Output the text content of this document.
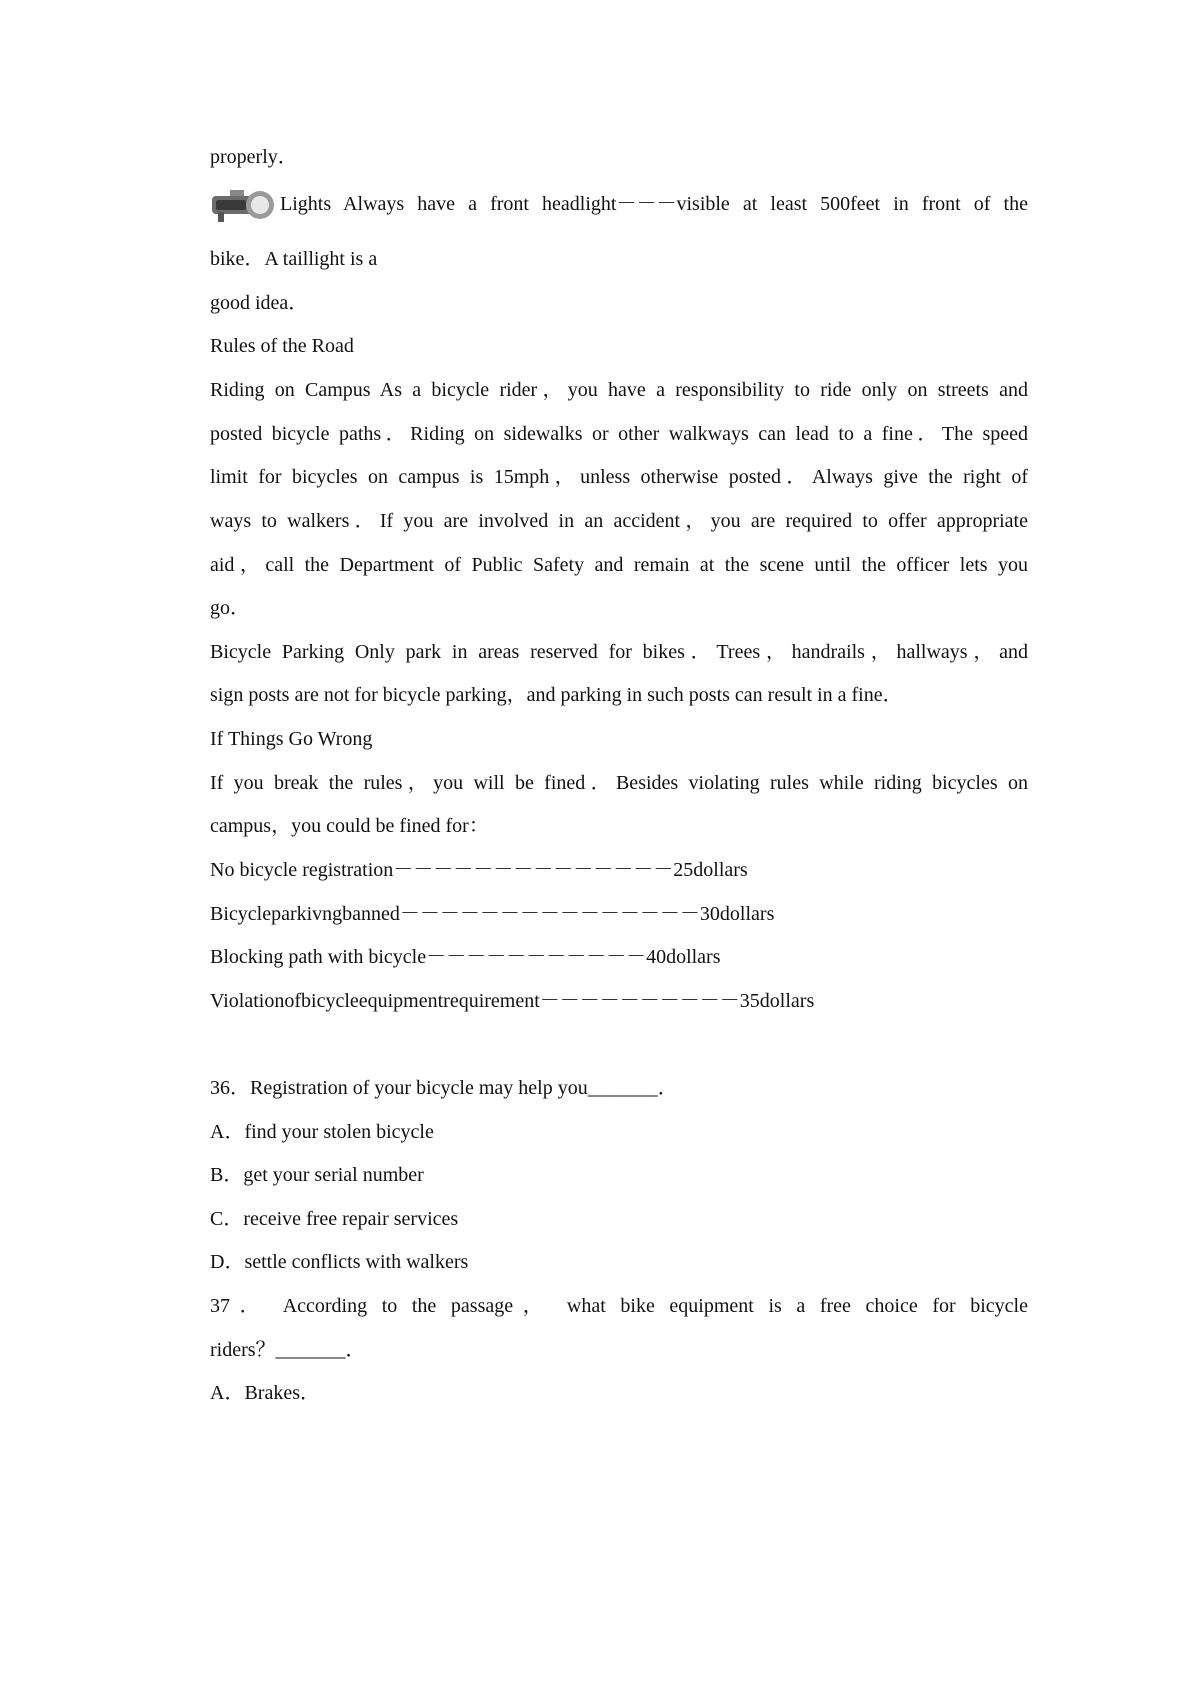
properly．
Lights Always have a front headlight－－－visible at least 500feet in front of the
bike．A taillight is a
good idea．
Rules of the Road
Riding on Campus As a bicycle rider，you have a responsibility to ride only on streets and
posted bicycle paths．Riding on sidewalks or other walkways can lead to a fine．The speed
limit for bicycles on campus is 15mph，unless otherwise posted．Always give the right of
ways to walkers．If you are involved in an accident，you are required to offer appropriate
aid，call the Department of Public Safety and remain at the scene until the officer lets you
go．
Bicycle Parking Only park in areas reserved for bikes．Trees，handrails，hallways，and
sign posts are not for bicycle parking，and parking in such posts can result in a fine．
If Things Go Wrong
If you break the rules，you will be fined．Besides violating rules while riding bicycles on
campus，you could be fined for：
No bicycle registration－－－－－－－－－－－－－－25dollars
Bicycleparkivngbanned－－－－－－－－－－－－－－－30dollars
Blocking path with bicycle－－－－－－－－－－－40dollars
Violationofbicycleequipmentrequirement－－－－－－－－－－35dollars
36．Registration of your bicycle may help you_______．
A．find your stolen bicycle
B．get your serial number
C．receive free repair services
D．settle conflicts with walkers
37． According to the passage， what bike equipment is a free choice for bicycle
riders？_______．
A．Brakes．
